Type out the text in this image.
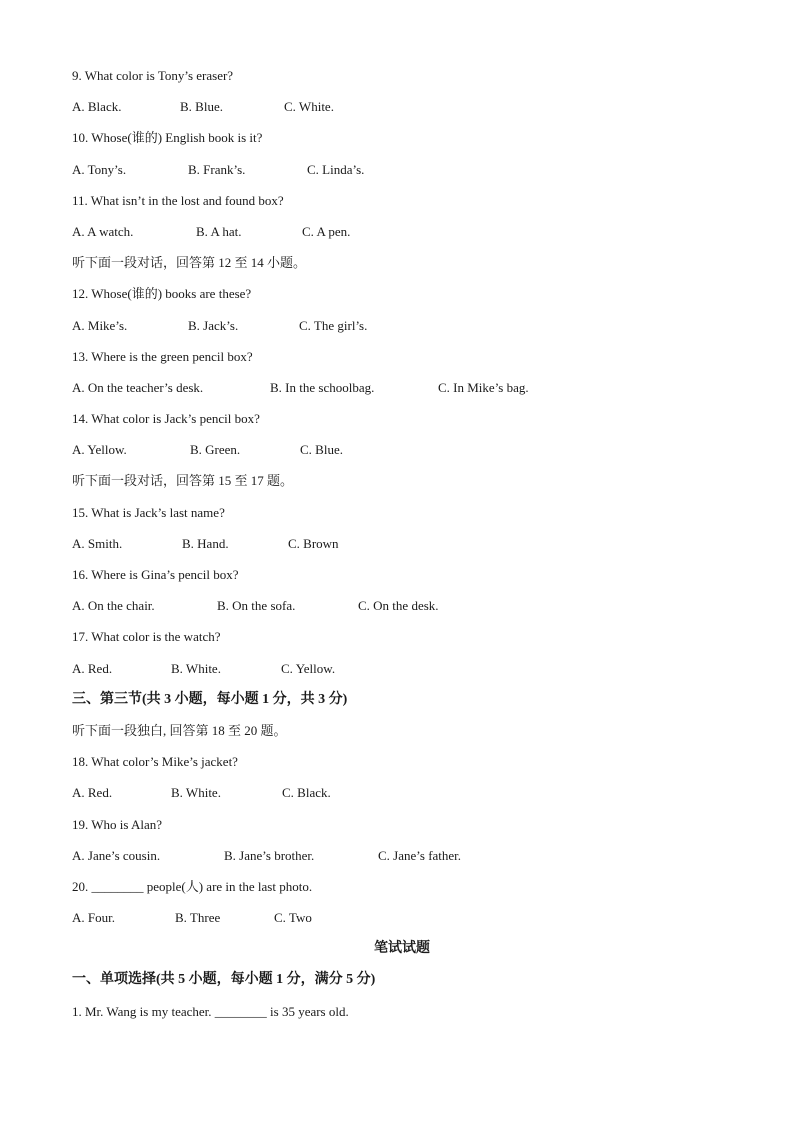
9. What color is Tony’s eraser?
A. Black.	B. Blue.	C. White.
10. Whose(谁的) English book is it?
A. Tony’s.	B. Frank’s.	C. Linda’s.
11. What isn’t in the lost and found box?
A. A watch.	B. A hat.	C. A pen.
听下面一段对话，回答第 12 至 14 小题。
12. Whose(谁的) books are these?
A. Mike’s.	B. Jack’s.	C. The girl’s.
13. Where is the green pencil box?
A. On the teacher’s desk.	B. In the schoolbag.	C. In Mike’s bag.
14. What color is Jack’s pencil box?
A. Yellow.	B. Green.	C. Blue.
听下面一段对话，回答第 15 至 17 题。
15. What is Jack’s last name?
A. Smith.	B. Hand.	C. Brown
16. Where is Gina’s pencil box?
A. On the chair.	B. On the sofa.	C. On the desk.
17. What color is the watch?
A. Red.	B. White.	C. Yellow.
三、第三节(共 3 小题，每小题 1 分，共 3 分)
听下面一段独白, 回答第 18 至 20 题。
18. What color’s Mike’s jacket?
A. Red.	B. White.	C. Black.
19. Who is Alan?
A. Jane’s cousin.	B. Jane’s brother.	C. Jane’s father.
20. ________ people(人) are in the last photo.
A. Four.	B. Three	C. Two
笔试试题
一、单项选择(共 5 小题，每小题 1 分，满分 5 分)
1. Mr. Wang is my teacher. ________ is 35 years old.
